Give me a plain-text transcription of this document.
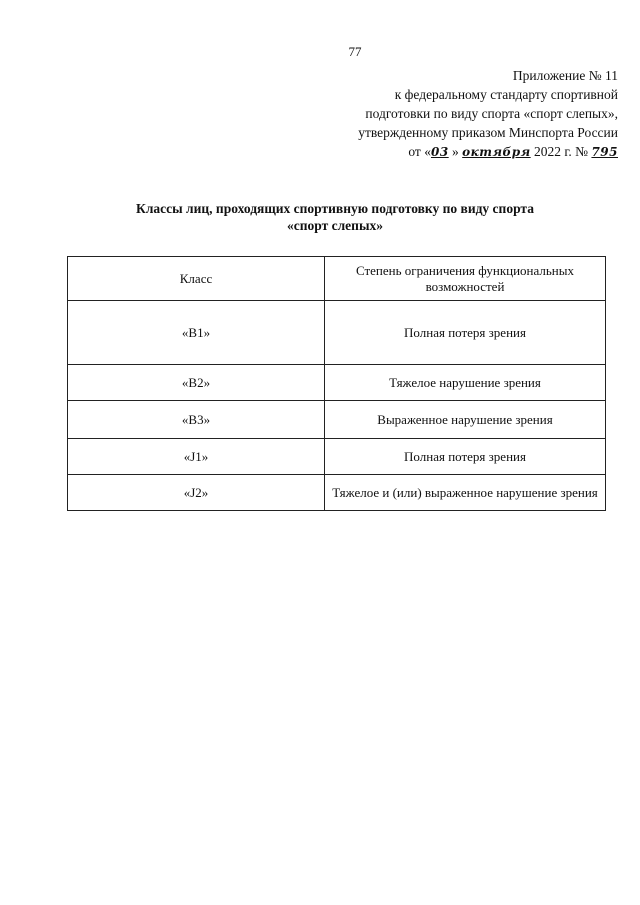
77
Приложение № 11
к федеральному стандарту спортивной
подготовки по виду спорта «спорт слепых»,
утвержденному приказом Минспорта России
от «03 » октября 2022 г. № 795
Классы лиц, проходящих спортивную подготовку по виду спорта
«спорт слепых»
Класс	Степень ограничения функциональных возможностей
«B1»	Полная потеря зрения
«B2»	Тяжелое нарушение зрения
«B3»	Выраженное нарушение зрения
«J1»	Полная потеря зрения
«J2»	Тяжелое и (или) выраженное нарушение зрения
